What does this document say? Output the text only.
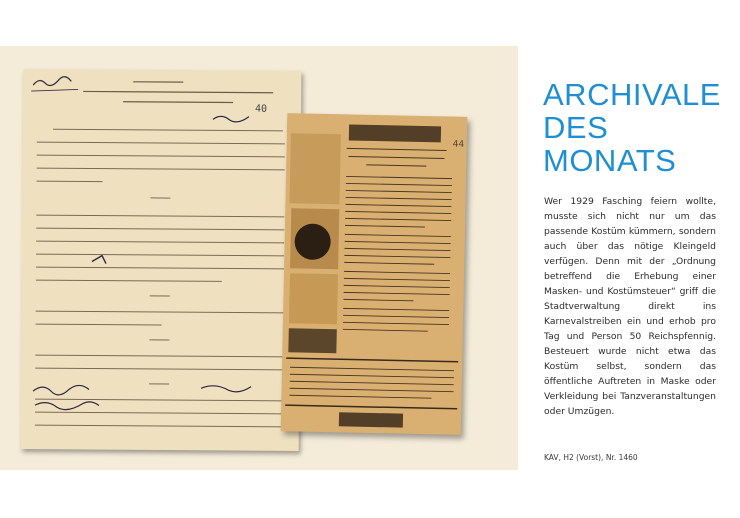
40
44
ARCHIVALE
DES MONATS

Wer 1929 Fasching feiern wollte, musste sich nicht nur um das passende Kostüm kümmern, sondern auch über das nötige Kleingeld verfügen. Denn mit der „Ordnung betreffend die Erhebung einer Masken- und Kostümsteuer“ griff die Stadtverwaltung direkt ins Karnevalstreiben ein und erhob pro Tag und Person 50 Reichspfennig. Besteuert wurde nicht etwa das Kostüm selbst, sondern das öffentliche Auftreten in Maske oder Verkleidung bei Tanzveranstaltungen oder Umzügen.

KAV, H2 (Vorst), Nr. 1460
